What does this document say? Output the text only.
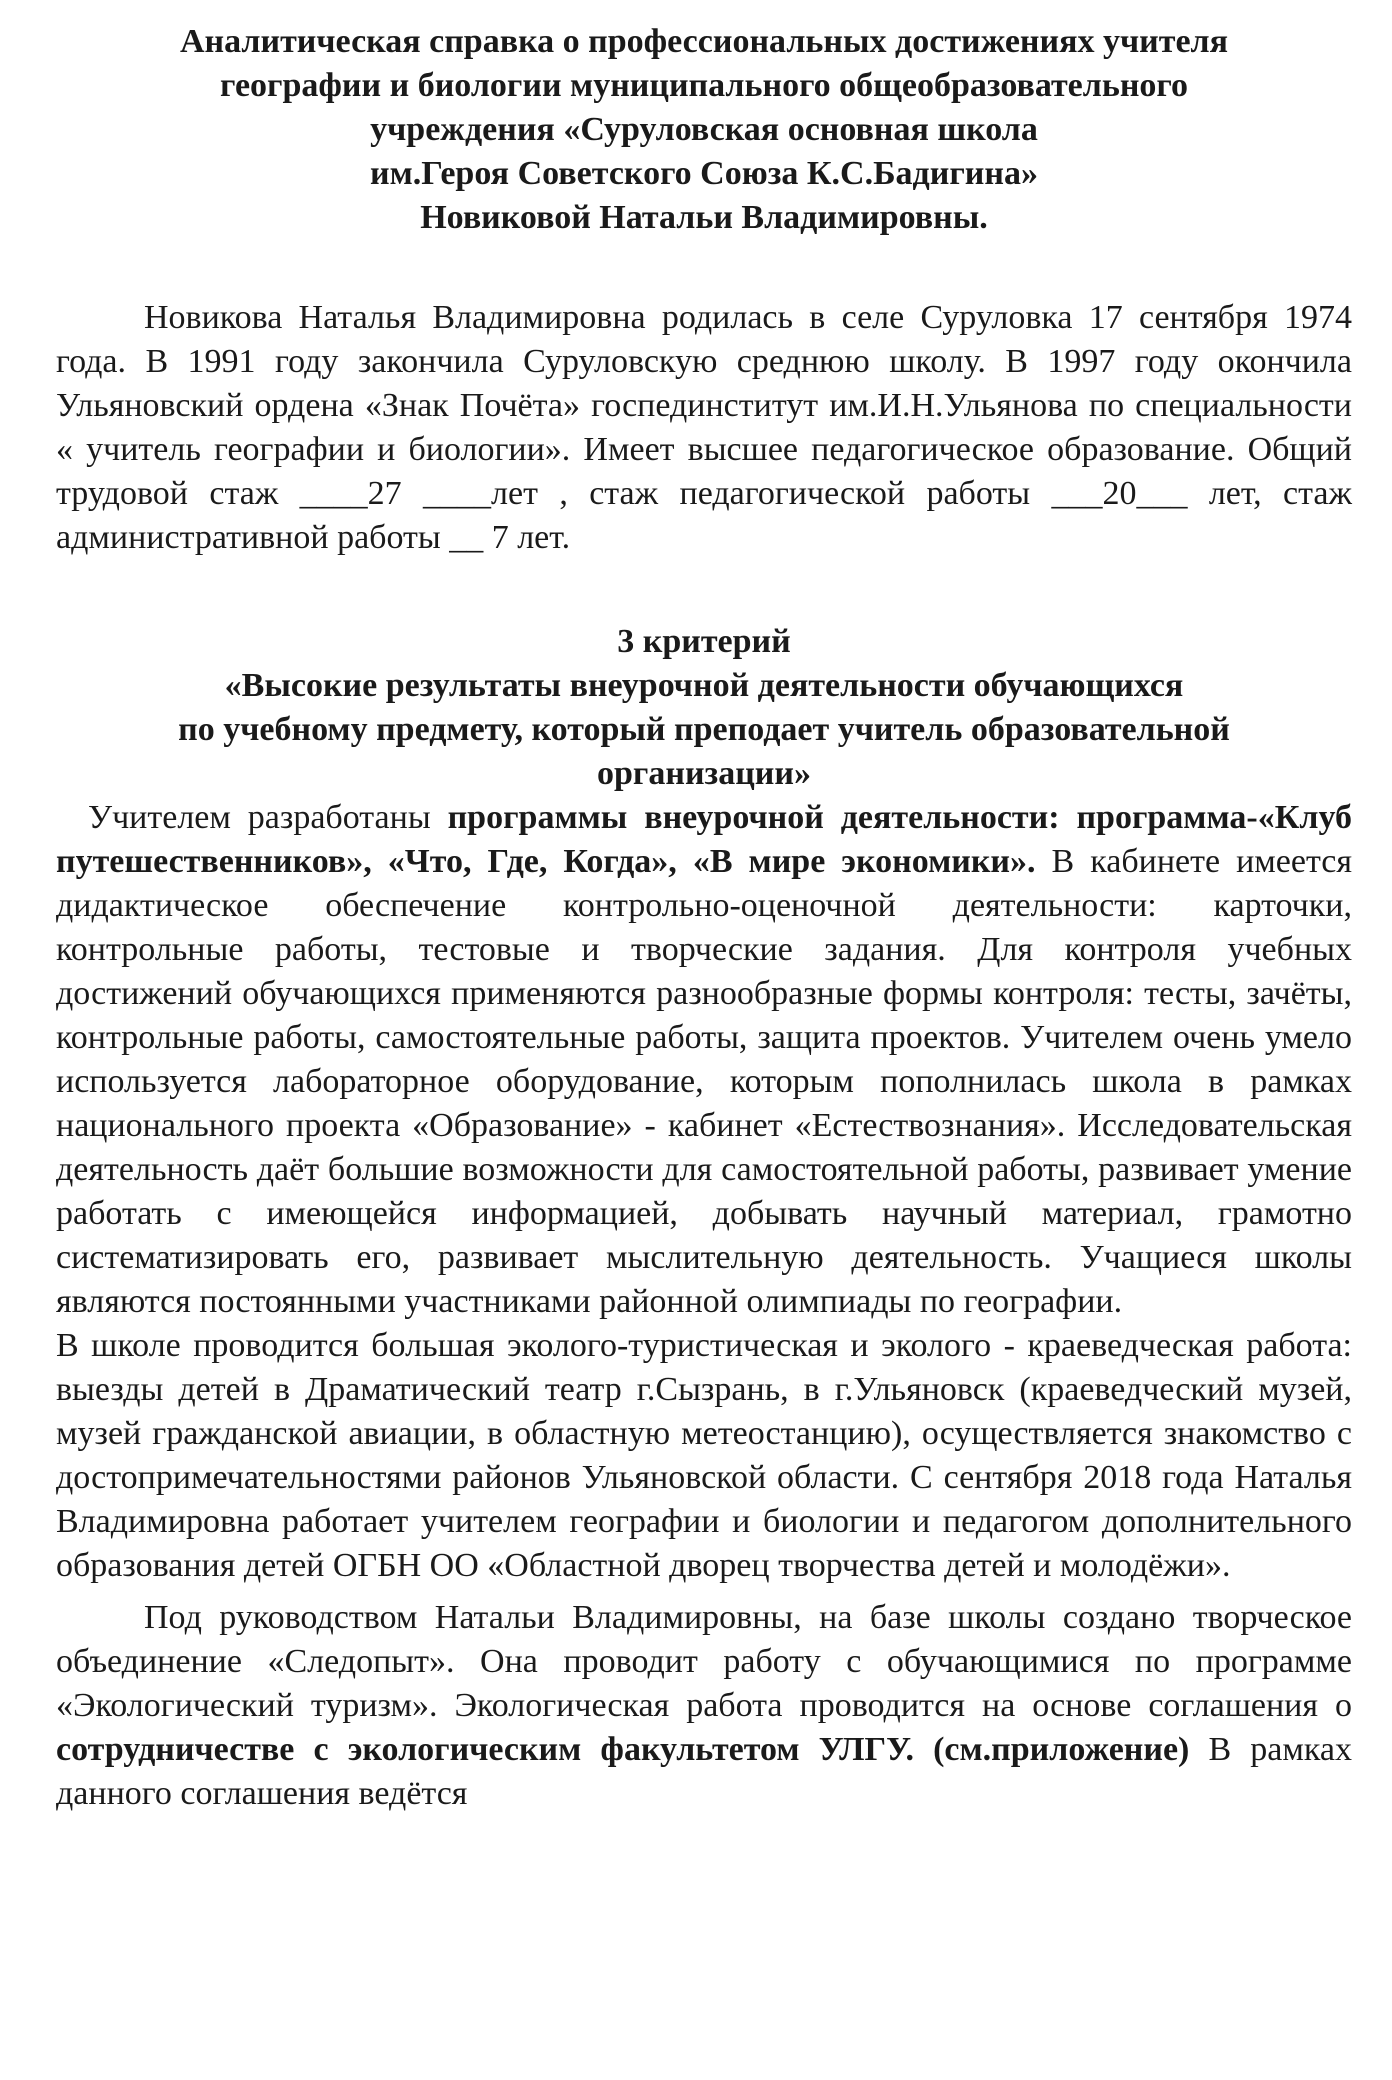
Аналитическая справка о профессиональных достижениях учителя
географии и биологии муниципального общеобразовательного
учреждения «Суруловская основная школа
им.Героя Советского Союза К.С.Бадигина»
Новиковой Натальи Владимировны.

Новикова Наталья Владимировна родилась в селе Суруловка 17 сентября 1974 года. В 1991 году закончила Суруловскую среднюю школу. В 1997 году окончила Ульяновский ордена «Знак Почёта» госпединститут им.И.Н.Ульянова по специальности « учитель географии и биологии». Имеет высшее педагогическое образование. Общий трудовой стаж ____27 ____лет , стаж педагогической работы ___20___ лет, стаж административной работы __ 7 лет.

3 критерий
«Высокие результаты внеурочной деятельности обучающихся
по учебному предмету, который преподает учитель образовательной
организации»

Учителем разработаны программы внеурочной деятельности: программа-«Клуб путешественников», «Что, Где, Когда», «В мире экономики». В кабинете имеется дидактическое обеспечение контрольно-оценочной деятельности: карточки, контрольные работы, тестовые и творческие задания. Для контроля учебных достижений обучающихся применяются разнообразные формы контроля: тесты, зачёты, контрольные работы, самостоятельные работы, защита проектов. Учителем очень умело используется лабораторное оборудование, которым пополнилась школа в рамках национального проекта «Образование» - кабинет «Естествознания». Исследовательская деятельность даёт большие возможности для самостоятельной работы, развивает умение работать с имеющейся информацией, добывать научный материал, грамотно систематизировать его, развивает мыслительную деятельность. Учащиеся школы являются постоянными участниками районной олимпиады по географии.

В школе проводится большая эколого-туристическая и эколого - краеведческая работа: выезды детей в Драматический театр г.Сызрань, в г.Ульяновск (краеведческий музей, музей гражданской авиации, в областную метеостанцию), осуществляется знакомство с достопримечательностями районов Ульяновской области. С сентября 2018 года Наталья Владимировна работает учителем географии и биологии и педагогом дополнительного образования детей ОГБН ОО «Областной дворец творчества детей и молодёжи».

Под руководством Натальи Владимировны, на базе школы создано творческое объединение «Следопыт». Она проводит работу с обучающимися по программе «Экологический туризм». Экологическая работа проводится на основе соглашения о сотрудничестве с экологическим факультетом УЛГУ. (см.приложение) В рамках данного соглашения ведётся
